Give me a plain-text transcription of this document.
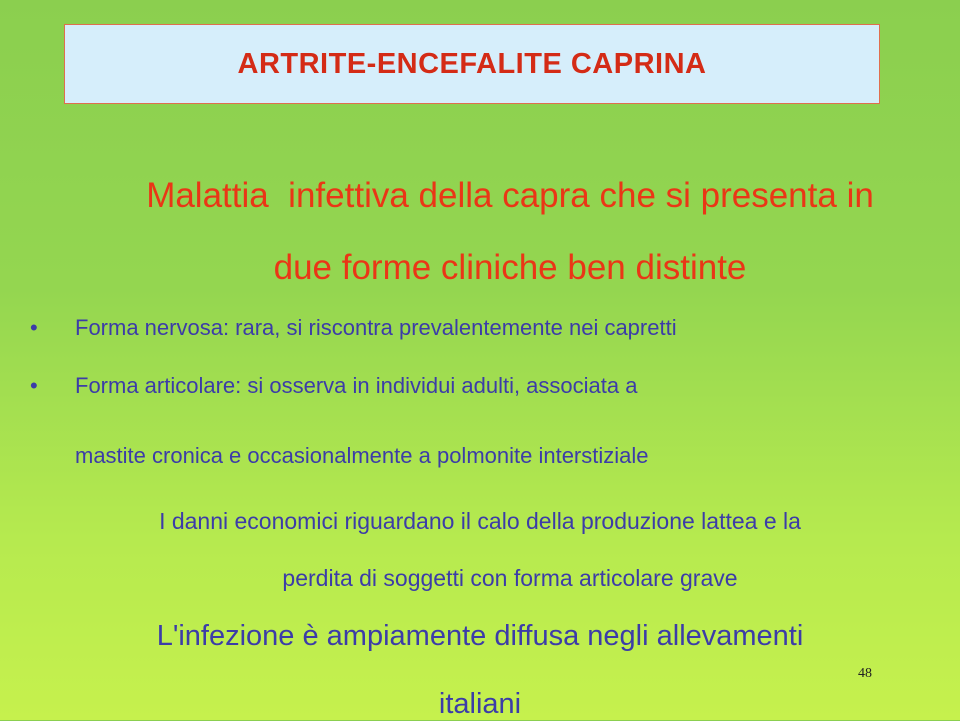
ARTRITE-ENCEFALITE CAPRINA
Malattia  infettiva della capra che si presenta in
due forme cliniche ben distinte
• Forma nervosa: rara, si riscontra prevalentemente nei capretti
• Forma articolare: si osserva in individui adulti, associata a
mastite cronica e occasionalmente a polmonite interstiziale
I danni economici riguardano il calo della produzione lattea e la
perdita di soggetti con forma articolare grave
L'infezione è ampiamente diffusa negli allevamenti
italiani
48
